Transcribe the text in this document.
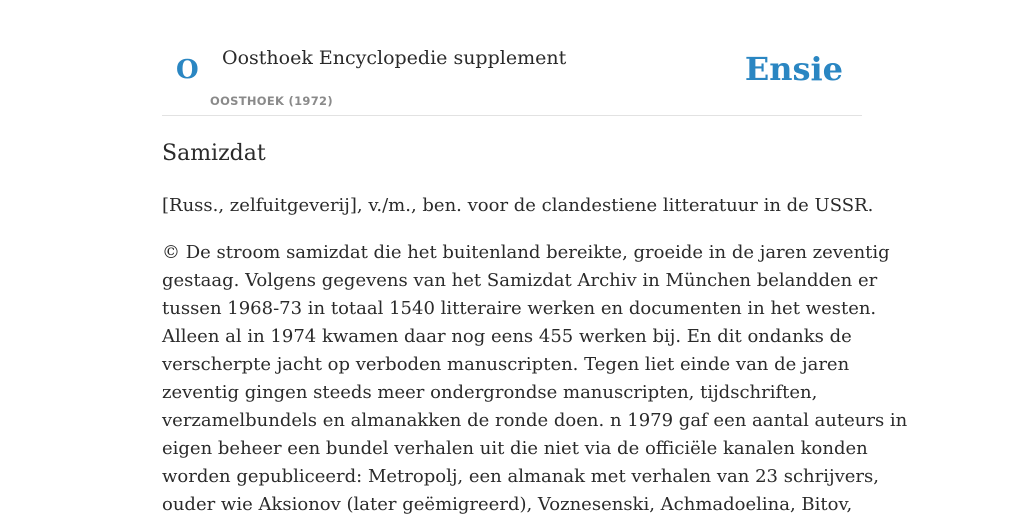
O Oosthoek Encyclopedie supplement
OOSTHOEK (1972)
Ensie
Samizdat

[Russ., zelfuitgeverij], v./m., ben. voor de clandestiene litteratuur in de USSR.

© De stroom samizdat die het buitenland bereikte, groeide in de jaren zeventig
gestaag. Volgens gegevens van het Samizdat Archiv in München belandden er
tussen 1968-73 in totaal 1540 litteraire werken en documenten in het westen.
Alleen al in 1974 kwamen daar nog eens 455 werken bij. En dit ondanks de
verscherpte jacht op verboden manuscripten. Tegen liet einde van de jaren
zeventig gingen steeds meer ondergrondse manuscripten, tijdschriften,
verzamelbundels en almanakken de ronde doen. n 1979 gaf een aantal auteurs in
eigen beheer een bundel verhalen uit die niet via de officiële kanalen konden
worden gepubliceerd: Metropolj, een almanak met verhalen van 23 schrijvers,
ouder wie Aksionov (later geëmigreerd), Voznesenski, Achmadoelina, Bitov,
